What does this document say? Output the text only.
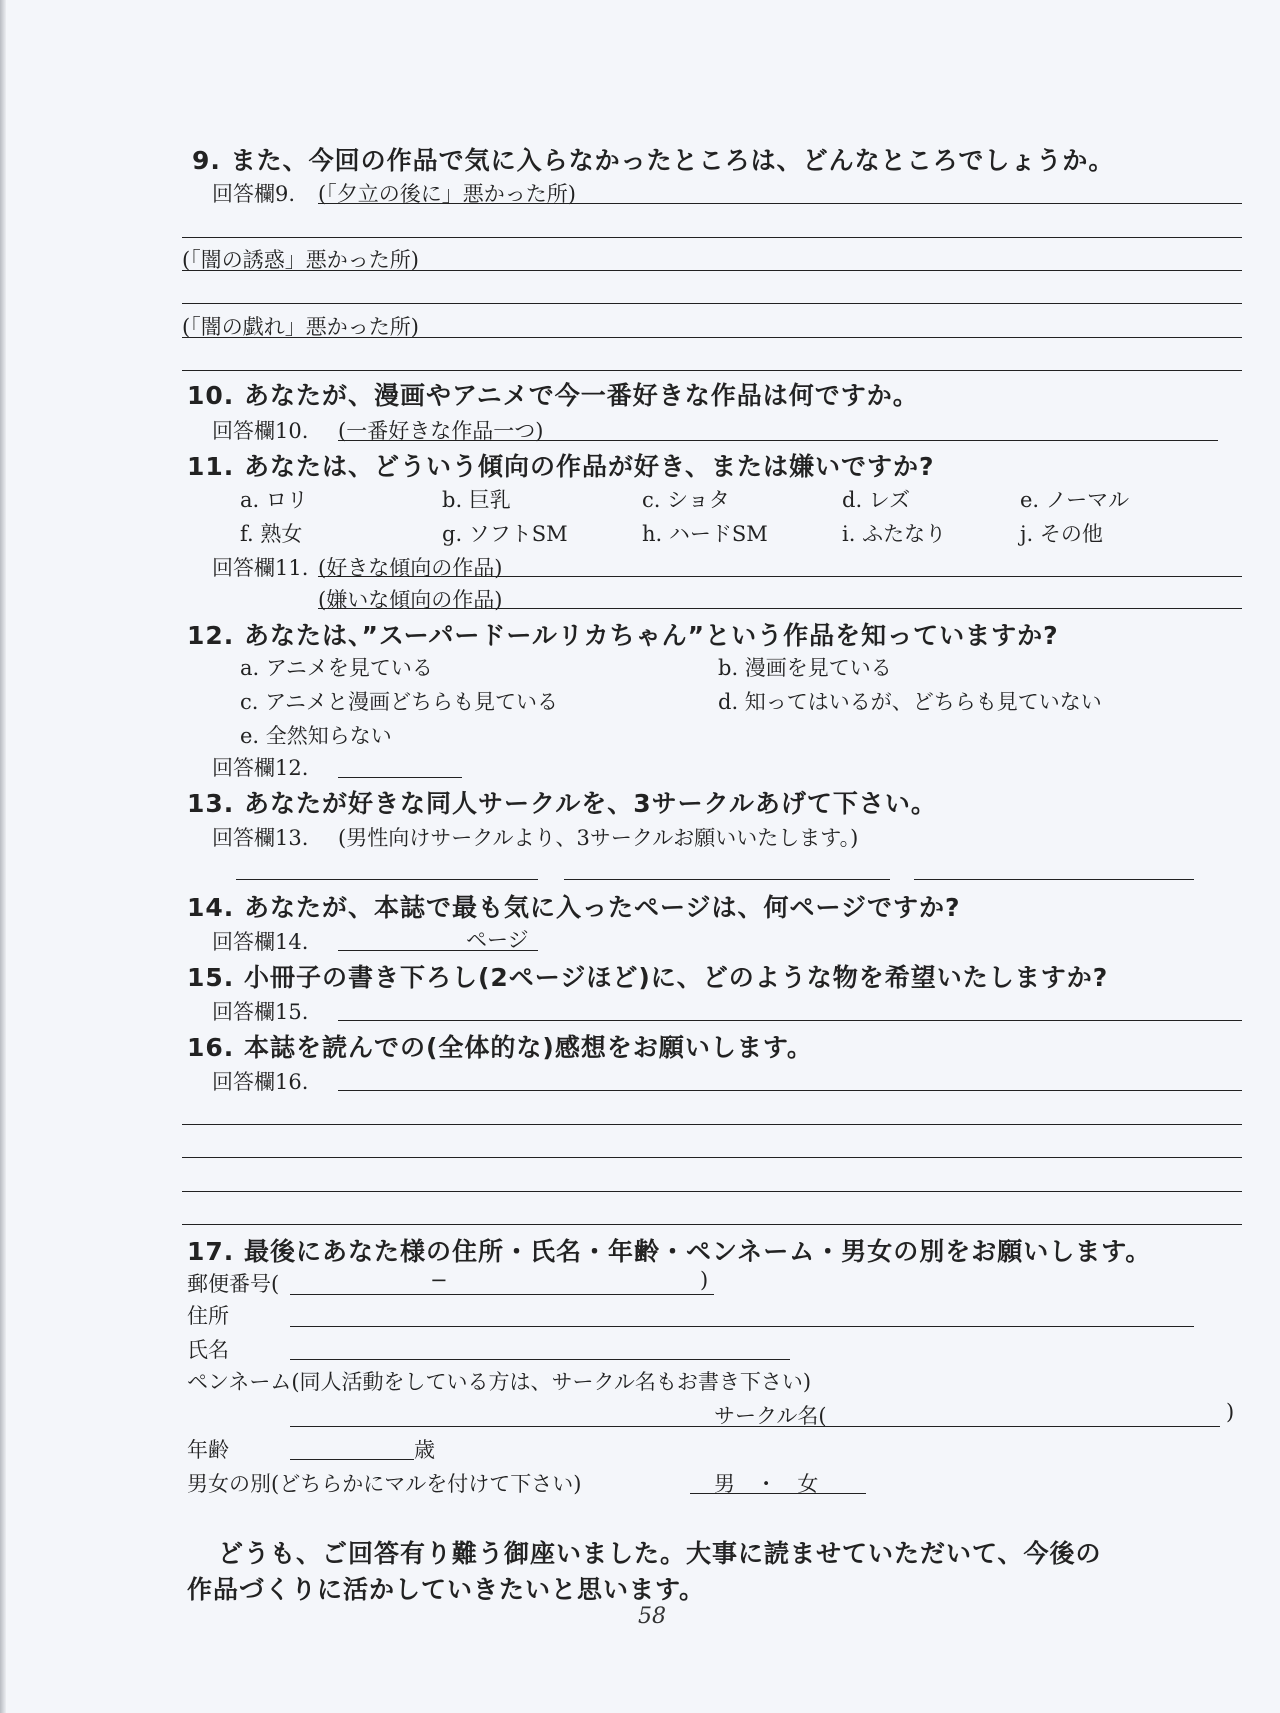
9. また、今回の作品で気に入らなかったところは、どんなところでしょうか。
回答欄9. (「夕立の後に」悪かった所)
(「闇の誘惑」悪かった所)
(「闇の戯れ」悪かった所)
10. あなたが、漫画やアニメで今一番好きな作品は何ですか。
回答欄10. (一番好きな作品一つ)
11. あなたは、どういう傾向の作品が好き、または嫌いですか?
a. ロリ	b. 巨乳	c. ショタ	d. レズ	e. ノーマル
f. 熟女	g. ソフトSM	h. ハードSM	i. ふたなり	j. その他
回答欄11. (好きな傾向の作品)
(嫌いな傾向の作品)
12. あなたは、”スーパードールリカちゃん”という作品を知っていますか?
a. アニメを見ている	b. 漫画を見ている
c. アニメと漫画どちらも見ている	d. 知ってはいるが、どちらも見ていない
e. 全然知らない
回答欄12.
13. あなたが好きな同人サークルを、3サークルあげて下さい。
回答欄13. (男性向けサークルより、3サークルお願いいたします。)
14. あなたが、本誌で最も気に入ったページは、何ページですか?
回答欄14.	ページ
15. 小冊子の書き下ろし(2ページほど)に、どのような物を希望いたしますか?
回答欄15.
16. 本誌を読んでの(全体的な)感想をお願いします。
回答欄16.
17. 最後にあなた様の住所・氏名・年齢・ペンネーム・男女の別をお願いします。
郵便番号(	−	)
住所
氏名
ペンネーム(同人活動をしている方は、サークル名もお書き下さい)
サークル名(	)
年齢	歳
男女の別(どちらかにマルを付けて下さい)	男 ・ 女
どうも、ご回答有り難う御座いました。大事に読ませていただいて、今後の
作品づくりに活かしていきたいと思います。
58
